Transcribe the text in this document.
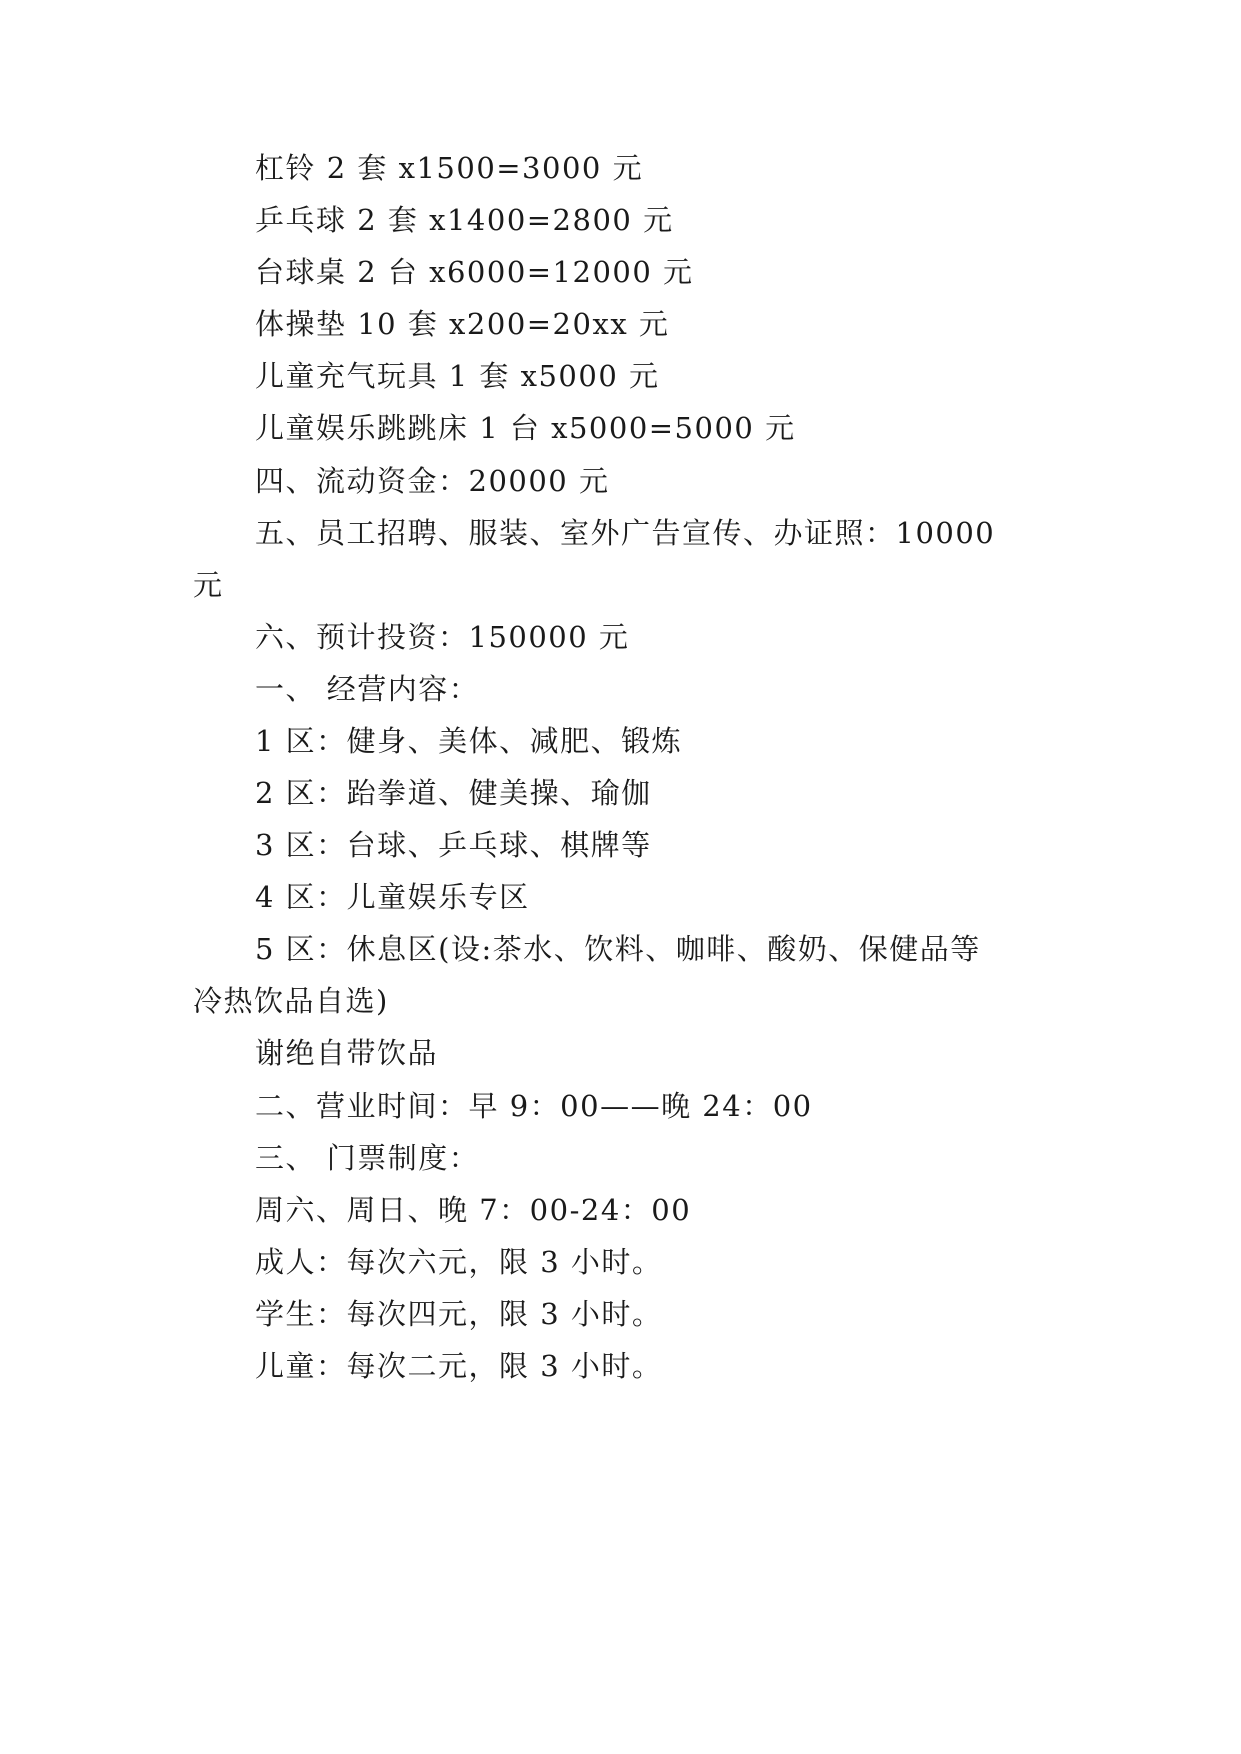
杠铃 2 套 x1500=3000 元
乒乓球 2 套 x1400=2800 元
台球桌 2 台 x6000=12000 元
体操垫 10 套 x200=20xx 元
儿童充气玩具 1 套 x5000 元
儿童娱乐跳跳床 1 台 x5000=5000 元
四、流动资金：20000 元
五、员工招聘、服装、室外广告宣传、办证照：10000
元
六、预计投资：150000 元
一、 经营内容：
1 区：健身、美体、减肥、锻炼
2 区：跆拳道、健美操、瑜伽
3 区：台球、乒乓球、棋牌等
4 区：儿童娱乐专区
5 区：休息区(设:茶水、饮料、咖啡、酸奶、保健品等
冷热饮品自选)
谢绝自带饮品
二、营业时间：早 9：00——晚 24：00
三、 门票制度：
周六、周日、晚 7：00-24：00
成人：每次六元，限 3 小时。
学生：每次四元，限 3 小时。
儿童：每次二元，限 3 小时。
